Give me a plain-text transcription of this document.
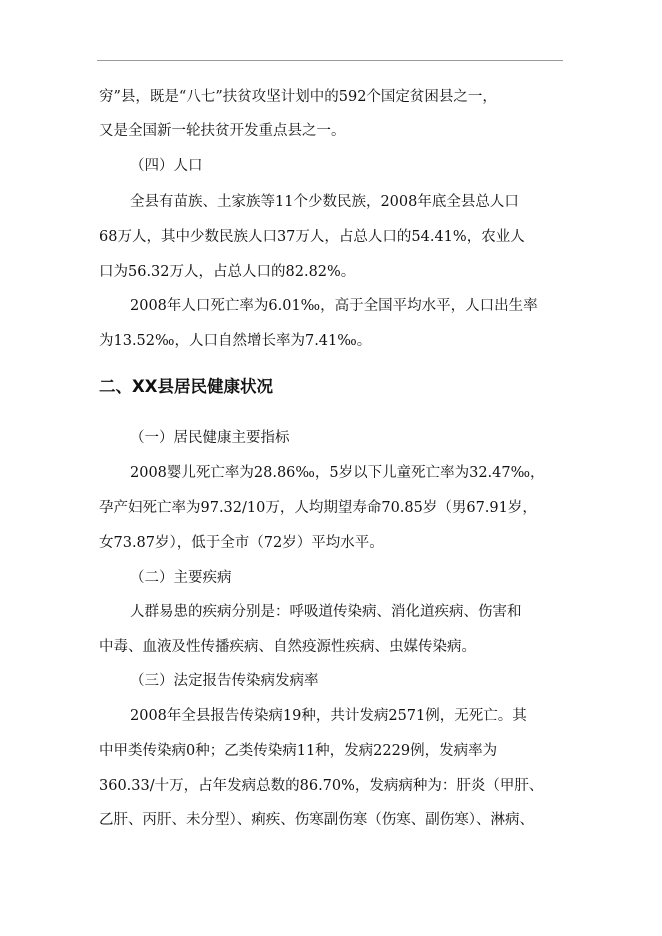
穷”县，既是“八七”扶贫攻坚计划中的592个国定贫困县之一，
又是全国新一轮扶贫开发重点县之一。
（四）人口
全县有苗族、土家族等11个少数民族，2008年底全县总人口
68万人，其中少数民族人口37万人，占总人口的54.41%，农业人
口为56.32万人，占总人口的82.82%。
2008年人口死亡率为6.01‰，高于全国平均水平，人口出生率
为13.52‰，人口自然增长率为7.41‰。
二、XX县居民健康状况
（一）居民健康主要指标
2008婴儿死亡率为28.86‰，5岁以下儿童死亡率为32.47‰，
孕产妇死亡率为97.32/10万，人均期望寿命70.85岁（男67.91岁，
女73.87岁），低于全市（72岁）平均水平。
（二）主要疾病
人群易患的疾病分别是：呼吸道传染病、消化道疾病、伤害和
中毒、血液及性传播疾病、自然疫源性疾病、虫媒传染病。
（三）法定报告传染病发病率
2008年全县报告传染病19种，共计发病2571例，无死亡。其
中甲类传染病0种；乙类传染病11种，发病2229例，发病率为
360.33/十万，占年发病总数的86.70%，发病病种为：肝炎（甲肝、
乙肝、丙肝、未分型）、痢疾、伤寒副伤寒（伤寒、副伤寒）、淋病、
